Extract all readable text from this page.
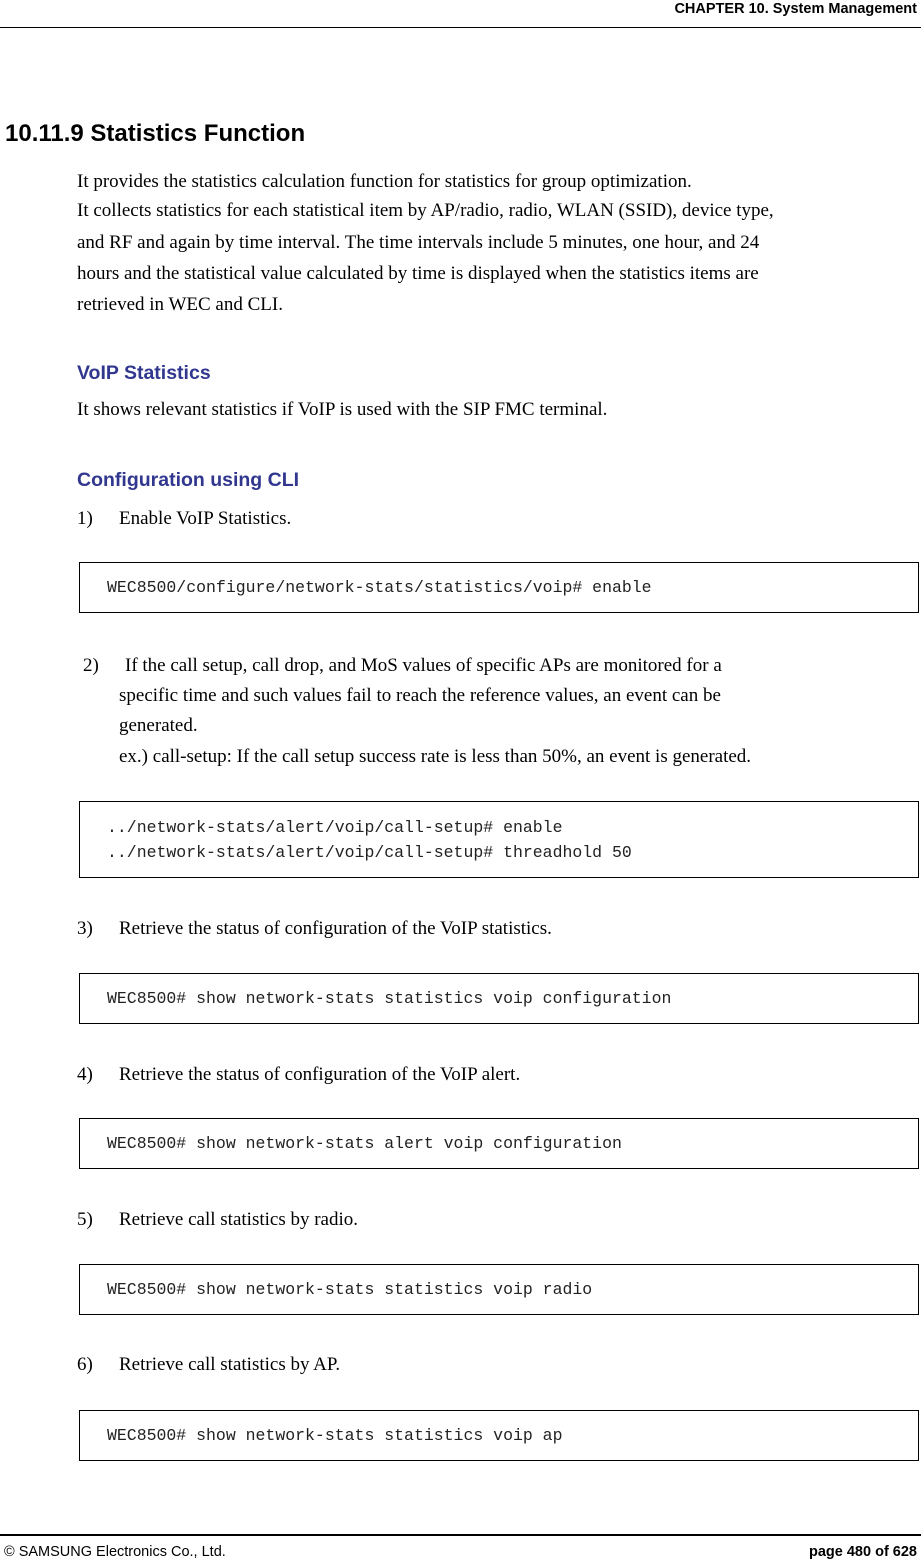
CHAPTER 10. System Management
10.11.9 Statistics Function
It provides the statistics calculation function for statistics for group optimization.
It collects statistics for each statistical item by AP/radio, radio, WLAN (SSID), device type,
and RF and again by time interval. The time intervals include 5 minutes, one hour, and 24
hours and the statistical value calculated by time is displayed when the statistics items are
retrieved in WEC and CLI.
VoIP Statistics
It shows relevant statistics if VoIP is used with the SIP FMC terminal.
Configuration using CLI
1) Enable VoIP Statistics.
WEC8500/configure/network-stats/statistics/voip# enable
2) If the call setup, call drop, and MoS values of specific APs are monitored for a
specific time and such values fail to reach the reference values, an event can be
generated.
ex.) call-setup: If the call setup success rate is less than 50%, an event is generated.
../network-stats/alert/voip/call-setup# enable
../network-stats/alert/voip/call-setup# threadhold 50
3) Retrieve the status of configuration of the VoIP statistics.
WEC8500# show network-stats statistics voip configuration
4) Retrieve the status of configuration of the VoIP alert.
WEC8500# show network-stats alert voip configuration
5) Retrieve call statistics by radio.
WEC8500# show network-stats statistics voip radio
6) Retrieve call statistics by AP.
WEC8500# show network-stats statistics voip ap
© SAMSUNG Electronics Co., Ltd.	page 480 of 628
